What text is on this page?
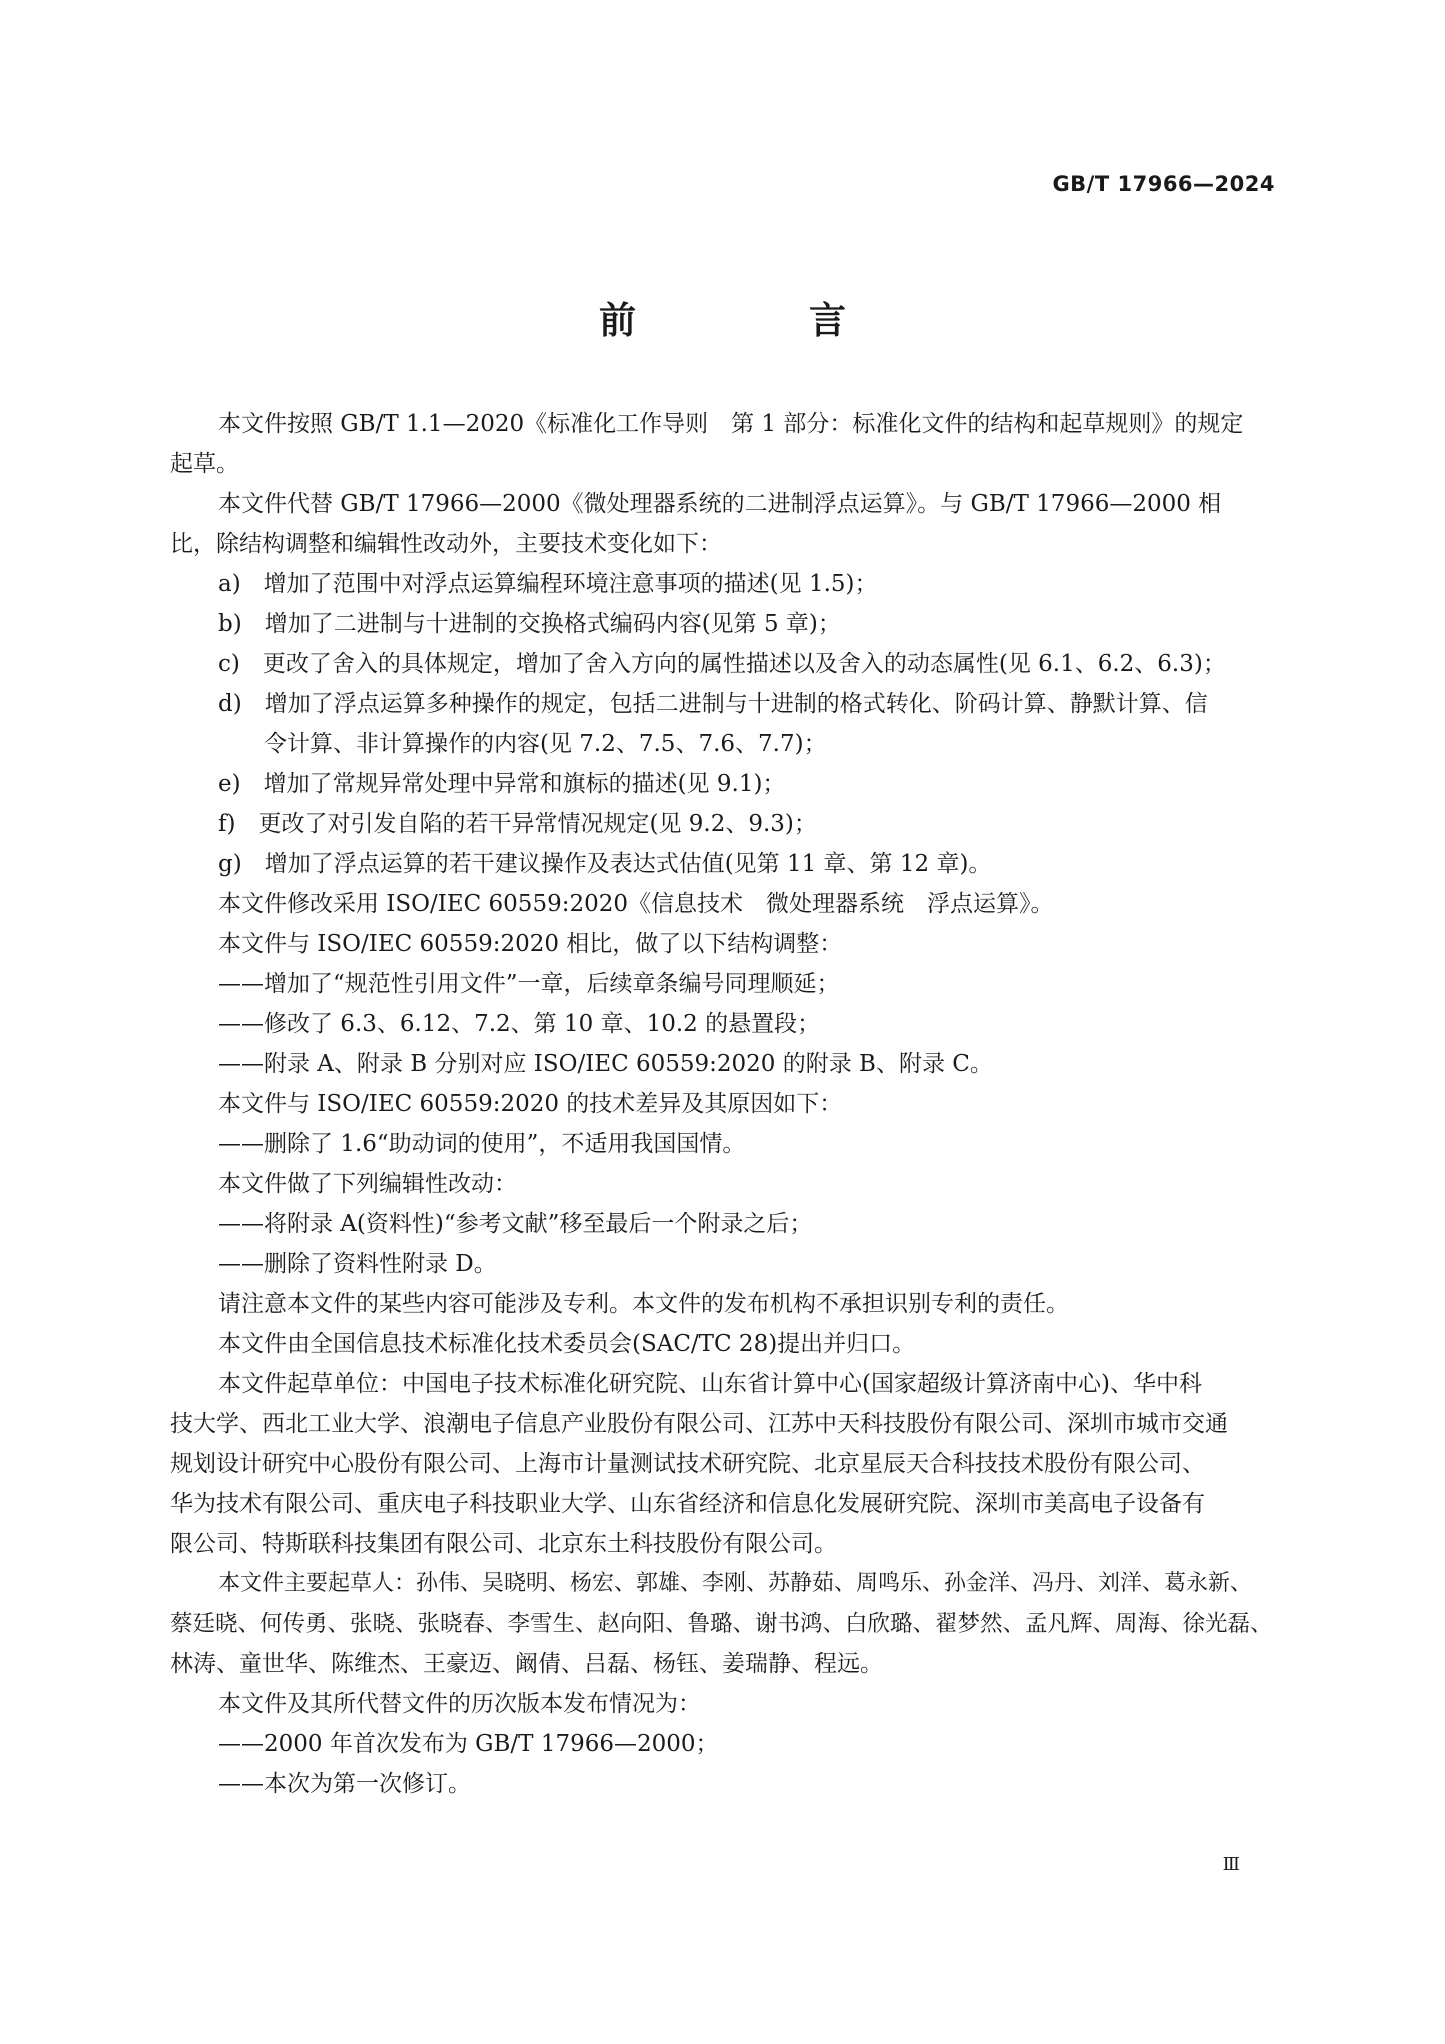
GB/T 17966—2024
前　言
本文件按照 GB/T 1.1—2020《标准化工作导则　第 1 部分：标准化文件的结构和起草规则》的规定
起草。
本文件代替 GB/T 17966—2000《微处理器系统的二进制浮点运算》。与 GB/T 17966—2000 相
比，除结构调整和编辑性改动外，主要技术变化如下：
a)　增加了范围中对浮点运算编程环境注意事项的描述(见 1.5)；
b)　增加了二进制与十进制的交换格式编码内容(见第 5 章)；
c)　更改了舍入的具体规定，增加了舍入方向的属性描述以及舍入的动态属性(见 6.1、6.2、6.3)；
d)　增加了浮点运算多种操作的规定，包括二进制与十进制的格式转化、阶码计算、静默计算、信
　　令计算、非计算操作的内容(见 7.2、7.5、7.6、7.7)；
e)　增加了常规异常处理中异常和旗标的描述(见 9.1)；
f)　更改了对引发自陷的若干异常情况规定(见 9.2、9.3)；
g)　增加了浮点运算的若干建议操作及表达式估值(见第 11 章、第 12 章)。
本文件修改采用 ISO/IEC 60559:2020《信息技术　微处理器系统　浮点运算》。
本文件与 ISO/IEC 60559:2020 相比，做了以下结构调整：
——增加了“规范性引用文件”一章，后续章条编号同理顺延；
——修改了 6.3、6.12、7.2、第 10 章、10.2 的悬置段；
——附录 A、附录 B 分别对应 ISO/IEC 60559:2020 的附录 B、附录 C。
本文件与 ISO/IEC 60559:2020 的技术差异及其原因如下：
——删除了 1.6“助动词的使用”，不适用我国国情。
本文件做了下列编辑性改动：
——将附录 A(资料性)“参考文献”移至最后一个附录之后；
——删除了资料性附录 D。
请注意本文件的某些内容可能涉及专利。本文件的发布机构不承担识别专利的责任。
本文件由全国信息技术标准化技术委员会(SAC/TC 28)提出并归口。
本文件起草单位：中国电子技术标准化研究院、山东省计算中心(国家超级计算济南中心)、华中科
技大学、西北工业大学、浪潮电子信息产业股份有限公司、江苏中天科技股份有限公司、深圳市城市交通
规划设计研究中心股份有限公司、上海市计量测试技术研究院、北京星辰天合科技技术股份有限公司、
华为技术有限公司、重庆电子科技职业大学、山东省经济和信息化发展研究院、深圳市美高电子设备有
限公司、特斯联科技集团有限公司、北京东土科技股份有限公司。
本文件主要起草人：孙伟、吴晓明、杨宏、郭雄、李刚、苏静茹、周鸣乐、孙金洋、冯丹、刘洋、葛永新、
蔡廷晓、何传勇、张晓、张晓春、李雪生、赵向阳、鲁璐、谢书鸿、白欣璐、翟梦然、孟凡辉、周海、徐光磊、
林涛、童世华、陈维杰、王豪迈、阚倩、吕磊、杨钰、姜瑞静、程远。
本文件及其所代替文件的历次版本发布情况为：
——2000 年首次发布为 GB/T 17966—2000；
——本次为第一次修订。
Ⅲ
